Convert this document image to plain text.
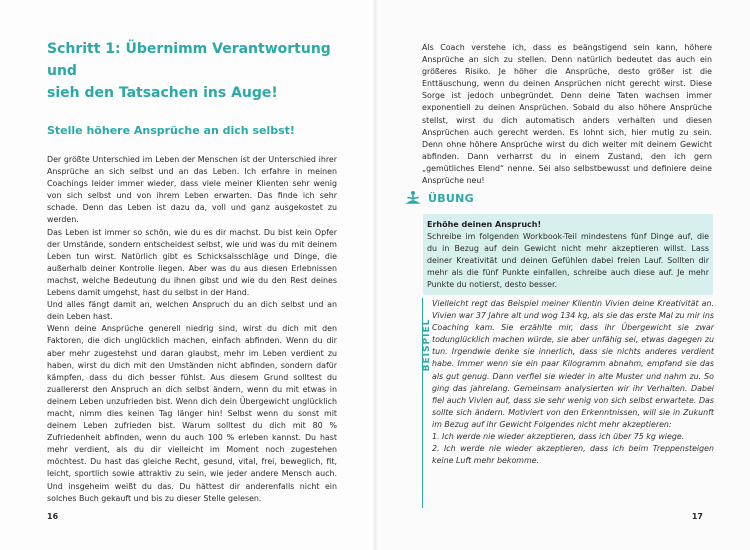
Schritt 1: Übernimm Verantwortung und
sieh den Tatsachen ins Auge!
Stelle höhere Ansprüche an dich selbst!

Der größte Unterschied im Leben der Menschen ist der Unterschied ihrer Ansprüche an sich selbst und an das Leben. Ich erfahre in meinen Coachings leider immer wieder, dass viele meiner Klienten sehr wenig von sich selbst und von ihrem Leben erwarten. Das finde ich sehr schade. Denn das Leben ist dazu da, voll und ganz ausgekostet zu werden.

Das Leben ist immer so schön, wie du es dir machst. Du bist kein Opfer der Umstände, sondern entscheidest selbst, wie und was du mit deinem Leben tun wirst. Natürlich gibt es Schicksalsschläge und Dinge, die außerhalb deiner Kontrolle liegen. Aber was du aus diesen Erlebnissen machst, welche Bedeutung du ihnen gibst und wie du den Rest deines Lebens damit umgehst, hast du selbst in der Hand.

Und alles fängt damit an, welchen Anspruch du an dich selbst und an dein Leben hast.

Wenn deine Ansprüche generell niedrig sind, wirst du dich mit den Faktoren, die dich unglücklich machen, einfach abfinden. Wenn du dir aber mehr zugestehst und daran glaubst, mehr im Leben verdient zu haben, wirst du dich mit den Umständen nicht abfinden, sondern dafür kämpfen, dass du dich besser fühlst. Aus diesem Grund solltest du zuallererst den Anspruch an dich selbst ändern, wenn du mit etwas in deinem Leben unzufrieden bist. Wenn dich dein Übergewicht unglücklich macht, nimm dies keinen Tag länger hin! Selbst wenn du sonst mit deinem Leben zufrieden bist. Warum solltest du dich mit 80 % Zufriedenheit abfinden, wenn du auch 100 % erleben kannst. Du hast mehr verdient, als du dir vielleicht im Moment noch zugestehen möchtest. Du hast das gleiche Recht, gesund, vital, frei, beweglich, fit, leicht, sportlich sowie attraktiv zu sein, wie jeder andere Mensch auch. Und insgeheim weißt du das. Du hättest dir anderenfalls nicht ein solches Buch gekauft und bis zu dieser Stelle gelesen.

16

Als Coach verstehe ich, dass es beängstigend sein kann, höhere Ansprüche an sich zu stellen. Denn natürlich bedeutet das auch ein größeres Risiko. Je höher die Ansprüche, desto größer ist die Enttäuschung, wenn du deinen Ansprüchen nicht gerecht wirst. Diese Sorge ist jedoch unbegründet. Denn deine Taten wachsen immer exponentiell zu deinen Ansprüchen. Sobald du also höhere Ansprüche stellst, wirst du dich automatisch anders verhalten und diesen Ansprüchen auch gerecht werden. Es lohnt sich, hier mutig zu sein. Denn ohne höhere Ansprüche wirst du dich weiter mit deinem Gewicht abfinden. Dann verharrst du in einem Zustand, den ich gern „gemütliches Elend“ nenne. Sei also selbstbewusst und definiere deine Ansprüche neu!

ÜBUNG
Erhöhe deinen Anspruch!
Schreibe im folgenden Workbook-Teil mindestens fünf Dinge auf, die du in Bezug auf dein Gewicht nicht mehr akzeptieren willst. Lass deiner Kreativität und deinen Gefühlen dabei freien Lauf. Sollten dir mehr als die fünf Punkte einfallen, schreibe auch diese auf. Je mehr Punkte du notierst, desto besser.
BEISPIEL

Vielleicht regt das Beispiel meiner Klientin Vivien deine Kreativität an. Vivien war 37 Jahre alt und wog 134 kg, als sie das erste Mal zu mir ins Coaching kam. Sie erzählte mir, dass ihr Übergewicht sie zwar todunglücklich machen würde, sie aber unfähig sei, etwas dagegen zu tun. Irgendwie denke sie innerlich, dass sie nichts anderes verdient habe. Immer wenn sie ein paar Kilogramm abnahm, empfand sie das als gut genug. Dann verfiel sie wieder in alte Muster und nahm zu. So ging das jahrelang. Gemeinsam analysierten wir ihr Verhalten. Dabei fiel auch Vivien auf, dass sie sehr wenig von sich selbst erwartete. Das sollte sich ändern. Motiviert von den Erkenntnissen, will sie in Zukunft im Bezug auf ihr Gewicht Folgendes nicht mehr akzeptieren:

1. Ich werde nie wieder akzeptieren, dass ich über 75 kg wiege.

2. Ich werde nie wieder akzeptieren, dass ich beim Treppensteigen keine Luft mehr bekomme.

17
